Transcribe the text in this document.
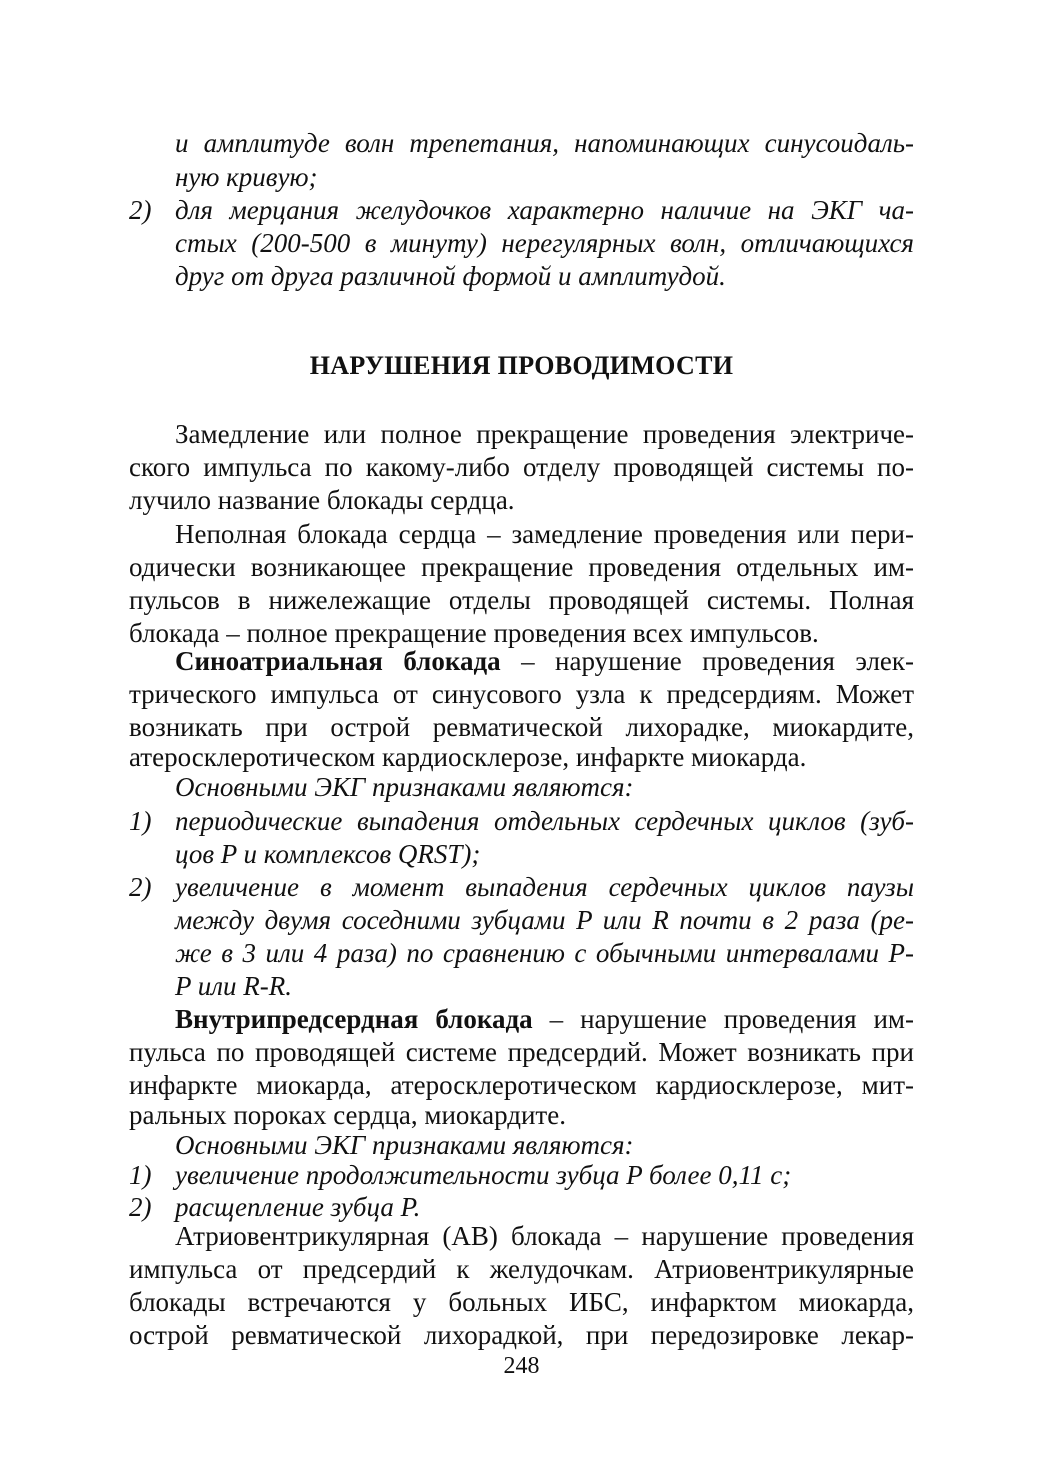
и амплитуде волн трепетания, напоминающих синусоидаль-
ную кривую;
2) для мерцания желудочков характерно наличие на ЭКГ ча-
стых (200-500 в минуту) нерегулярных волн, отличающихся
друг от друга различной формой и амплитудой.
НАРУШЕНИЯ ПРОВОДИМОСТИ
Замедление или полное прекращение проведения электриче-
ского импульса по какому-либо отделу проводящей системы по-
лучило название блокады сердца.
Неполная блокада сердца – замедление проведения или пери-
одически возникающее прекращение проведения отдельных им-
пульсов в нижележащие отделы проводящей системы. Полная
блокада – полное прекращение проведения всех импульсов.
Синоатриальная блокада – нарушение проведения элек-
трического импульса от синусового узла к предсердиям. Может
возникать при острой ревматической лихорадке, миокардите,
атеросклеротическом кардиосклерозе, инфаркте миокарда.
Основными ЭКГ признаками являются:
1) периодические выпадения отдельных сердечных циклов (зуб-
цов P и комплексов QRST);
2) увеличение в момент выпадения сердечных циклов паузы
между двумя соседними зубцами P или R почти в 2 раза (ре-
же в 3 или 4 раза) по сравнению с обычными интервалами P-
P или R-R.
Внутрипредсердная блокада – нарушение проведения им-
пульса по проводящей системе предсердий. Может возникать при
инфаркте миокарда, атеросклеротическом кардиосклерозе, мит-
ральных пороках сердца, миокардите.
Основными ЭКГ признаками являются:
1) увеличение продолжительности зубца P более 0,11 с;
2) расщепление зубца P.
Атриовентрикулярная (АВ) блокада – нарушение проведения
импульса от предсердий к желудочкам. Атриовентрикулярные
блокады встречаются у больных ИБС, инфарктом миокарда,
острой ревматической лихорадкой, при передозировке лекар-
248
